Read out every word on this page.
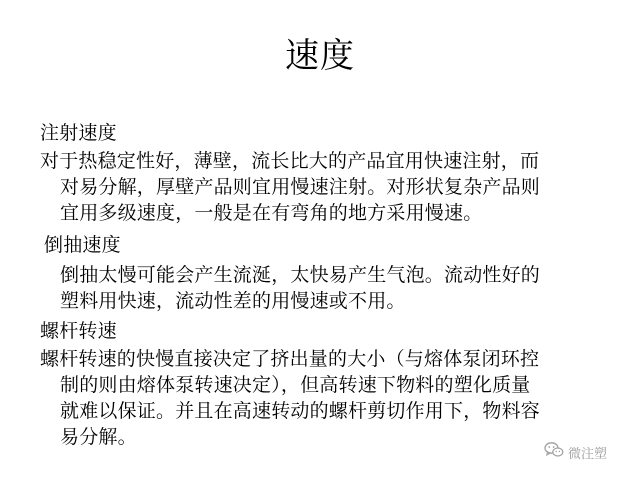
速度
注射速度
对于热稳定性好，薄壁，流长比大的产品宜用快速注射，而
对易分解，厚壁产品则宜用慢速注射。对形状复杂产品则
宜用多级速度，一般是在有弯角的地方采用慢速。
倒抽速度
倒抽太慢可能会产生流涎，太快易产生气泡。流动性好的
塑料用快速，流动性差的用慢速或不用。
螺杆转速
螺杆转速的快慢直接决定了挤出量的大小（与熔体泵闭环控
制的则由熔体泵转速决定），但高转速下物料的塑化质量
就难以保证。并且在高速转动的螺杆剪切作用下，物料容
易分解。
微注塑
